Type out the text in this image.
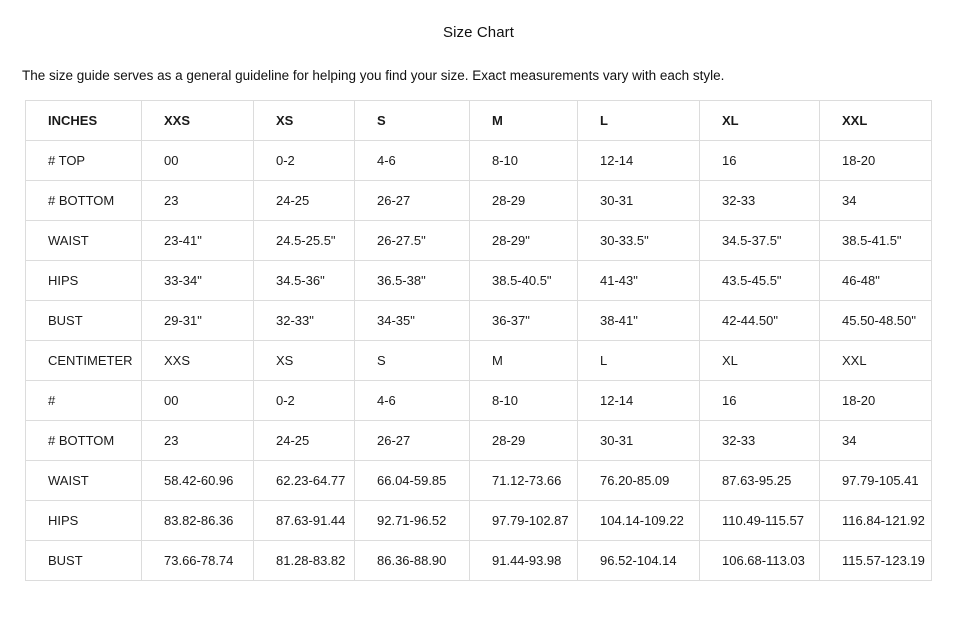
Size Chart

The size guide serves as a general guideline for helping you find your size. Exact measurements vary with each style.

INCHES	XXS	XS	S	M	L	XL	XXL
# TOP	00	0-2	4-6	8-10	12-14	16	18-20
# BOTTOM	23	24-25	26-27	28-29	30-31	32-33	34
WAIST	23-41"	24.5-25.5"	26-27.5"	28-29"	30-33.5"	34.5-37.5"	38.5-41.5"
HIPS	33-34"	34.5-36"	36.5-38"	38.5-40.5"	41-43"	43.5-45.5"	46-48"
BUST	29-31"	32-33"	34-35"	36-37"	38-41"	42-44.50"	45.50-48.50"
CENTIMETER	XXS	XS	S	M	L	XL	XXL
#	00	0-2	4-6	8-10	12-14	16	18-20
# BOTTOM	23	24-25	26-27	28-29	30-31	32-33	34
WAIST	58.42-60.96	62.23-64.77	66.04-59.85	71.12-73.66	76.20-85.09	87.63-95.25	97.79-105.41
HIPS	83.82-86.36	87.63-91.44	92.71-96.52	97.79-102.87	104.14-109.22	110.49-115.57	116.84-121.92
BUST	73.66-78.74	81.28-83.82	86.36-88.90	91.44-93.98	96.52-104.14	106.68-113.03	115.57-123.19
